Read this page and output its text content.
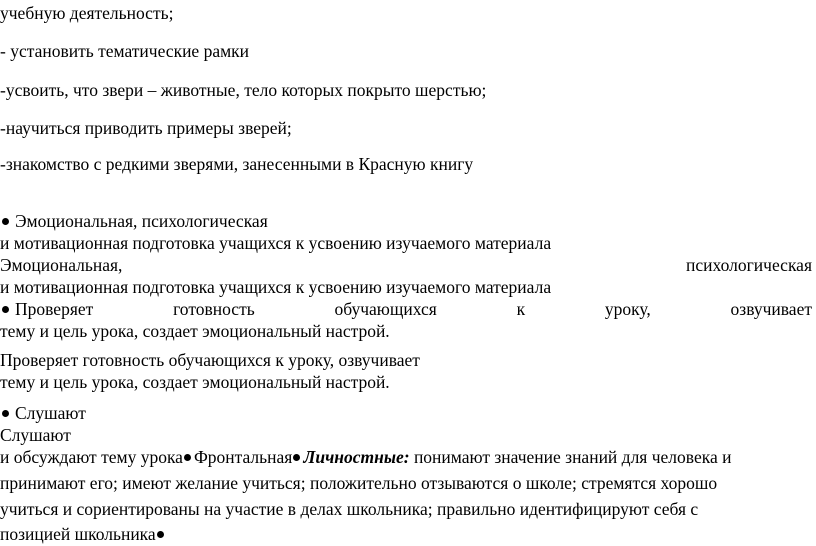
учебную деятельность;
- установить тематические рамки
-усвоить, что звери – животные, тело которых покрыто шерстью;
-научиться приводить примеры зверей;
-знакомство с редкими зверями, занесенными в Красную книгу
Эмоциональная, психологическая
и мотивационная подготовка учащихся к усвоению изучаемого материала
Эмоциональная,	психологическая
и мотивационная подготовка учащихся к усвоению изучаемого материала
Проверяет	готовность	обучающихся	к	уроку,	озвучивает
тему и цель урока, создает эмоциональный настрой.
Проверяет готовность обучающихся к уроку, озвучивает
тему и цель урока, создает эмоциональный настрой.
Слушают
Слушают
и обсуждают тему урока Фронтальная Личностные: понимают значение знаний для человека и
принимают его; имеют желание учиться; положительно отзываются о школе; стремятся хорошо
учиться и сориентированы на участие в делах школьника; правильно идентифицируют себя с
позицией школьника
